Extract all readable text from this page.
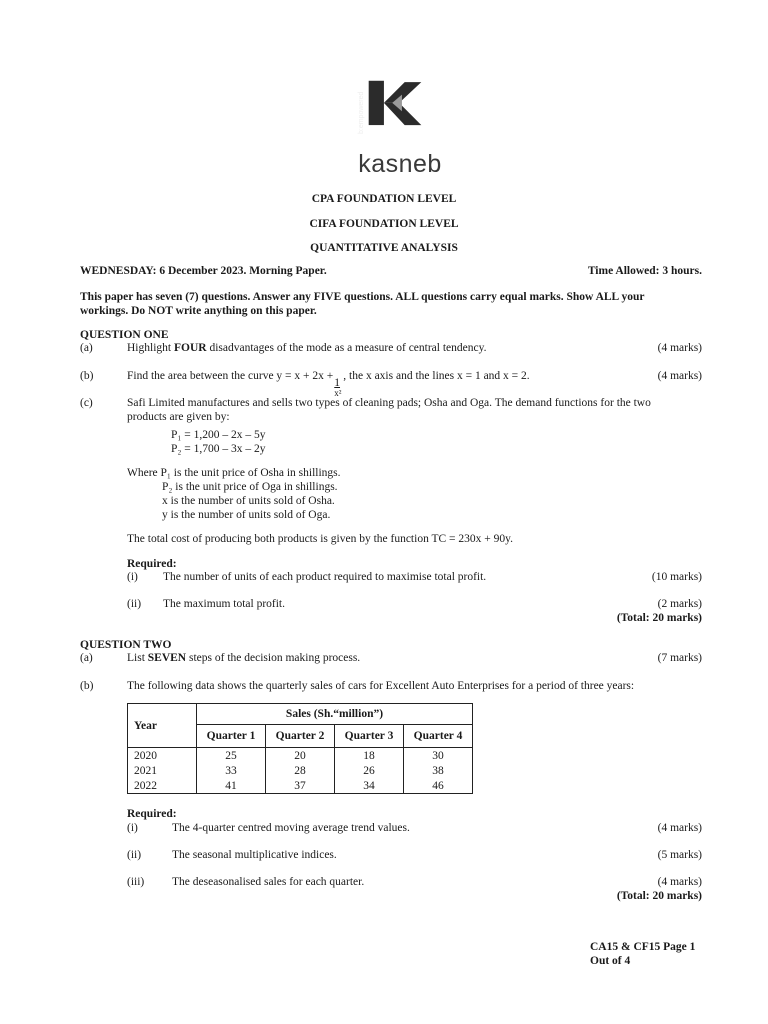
b:empowered
kasneb
CPA FOUNDATION LEVEL
CIFA FOUNDATION LEVEL
QUANTITATIVE ANALYSIS
WEDNESDAY: 6 December 2023. Morning Paper.	Time Allowed: 3 hours.
This paper has seven (7) questions. Answer any FIVE questions. ALL questions carry equal marks. Show ALL your
workings. Do NOT write anything on this paper.
QUESTION ONE
(a)	Highlight FOUR disadvantages of the mode as a measure of central tendency.	(4 marks)
(b)	Find the area between the curve y = x + 2x +
$\frac{1}{\text{x²}}$
, the x axis and the lines x = 1 and x = 2.	(4 marks)
(c)	Safi Limited manufactures and sells two types of cleaning pads; Osha and Oga. The demand functions for the two
products are given by:
P₁ = 1,200 – 2x – 5y
P₂ = 1,700 – 3x – 2y
Where P₁ is the unit price of Osha in shillings.
P₂ is the unit price of Oga in shillings.
x is the number of units sold of Osha.
y is the number of units sold of Oga.
The total cost of producing both products is given by the function TC = 230x + 90y.
Required:
(i) The number of units of each product required to maximise total profit.	(10 marks)
(ii) The maximum total profit.	(2 marks)
(Total: 20 marks)
QUESTION TWO
(a)	List SEVEN steps of the decision making process.	(7 marks)
(b)	The following data shows the quarterly sales of cars for Excellent Auto Enterprises for a period of three years:
Year	Sales (Sh.“million”)			
	Quarter 1	Quarter 2	Quarter 3	Quarter 4
2020	25	20	18	30
2021	33	28	26	38
2022	41	37	34	46
Required:
(i)	The 4-quarter centred moving average trend values.	(4 marks)
(ii)	The seasonal multiplicative indices.	(5 marks)
(iii) The deseasonalised sales for each quarter.	(4 marks)
(Total: 20 marks)
CA15 & CF15 Page 1
Out of 4
